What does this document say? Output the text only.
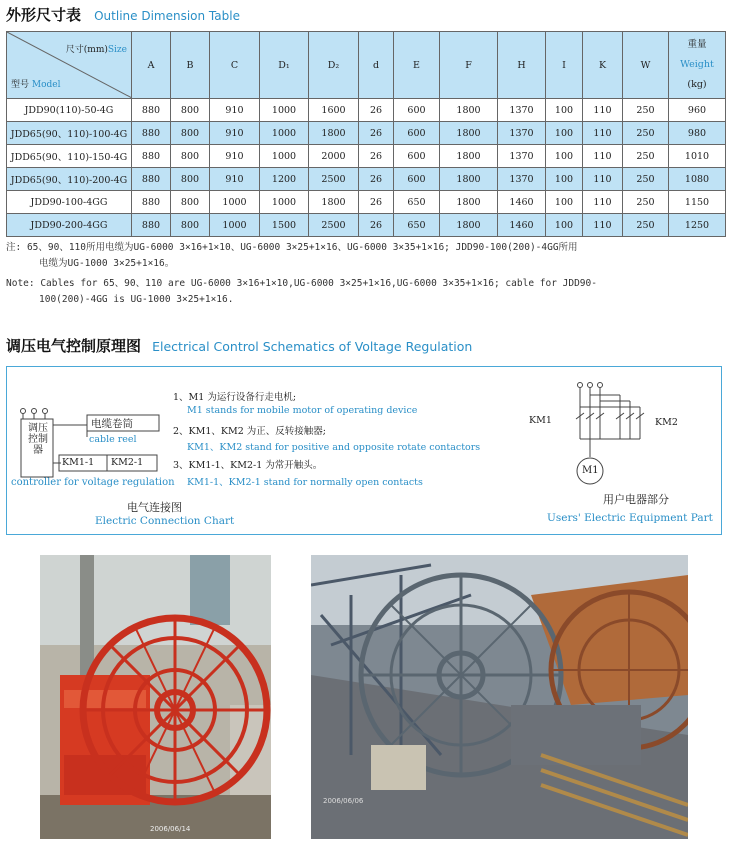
外形尺寸表 Outline Dimension Table
尺寸(mm)Size
型号 Model	A	B	C	D₁	D₂	d	E	F	H	I	K	W	重量
Weight
(kg)

JDD90(110)-50-4G	880	800	910	1000	1600	26	600	1800	1370	100	110	250	960
JDD65(90、110)-100-4G	880	800	910	1000	1800	26	600	1800	1370	100	110	250	980
JDD65(90、110)-150-4G	880	800	910	1000	2000	26	600	1800	1370	100	110	250	1010
JDD65(90、110)-200-4G	880	800	910	1200	2500	26	600	1800	1370	100	110	250	1080
JDD90-100-4GG	880	800	1000	1000	1800	26	650	1800	1460	100	110	250	1150
JDD90-200-4GG	880	800	1000	1500	2500	26	650	1800	1460	100	110	250	1250

注: 65、90、110所用电缆为UG-6000 3×16+1×10、UG-6000 3×25+1×16、UG-6000 3×35+1×16; JDD90-100(200)-4GG所用

电缆为UG-1000 3×25+1×16。

Note: Cables for 65、90、110 are UG-6000 3×16+1×10,UG-6000 3×25+1×16,UG-6000 3×35+1×16; cable for JDD90-

100(200)-4GG is UG-1000 3×25+1×16.

调压电气控制原理图 Electrical Control Schematics of Voltage Regulation
调压控制器
电缆卷筒
cable reel
KM1-1 KM2-1
controller for voltage regulation
电气连接图
Electric Connection Chart
1、M1 为运行设备行走电机;
M1 stands for mobile motor of operating device
2、KM1、KM2 为正、反转接触器;
KM1、KM2 stand for positive and opposite rotate contactors
3、KM1-1、KM2-1 为常开触头。
KM1-1、KM2-1 stand for normally open contacts
KM1	KM2
M1
用户电器部分
Users' Electric Equipment Part
2006/06/14
2006/06/06
